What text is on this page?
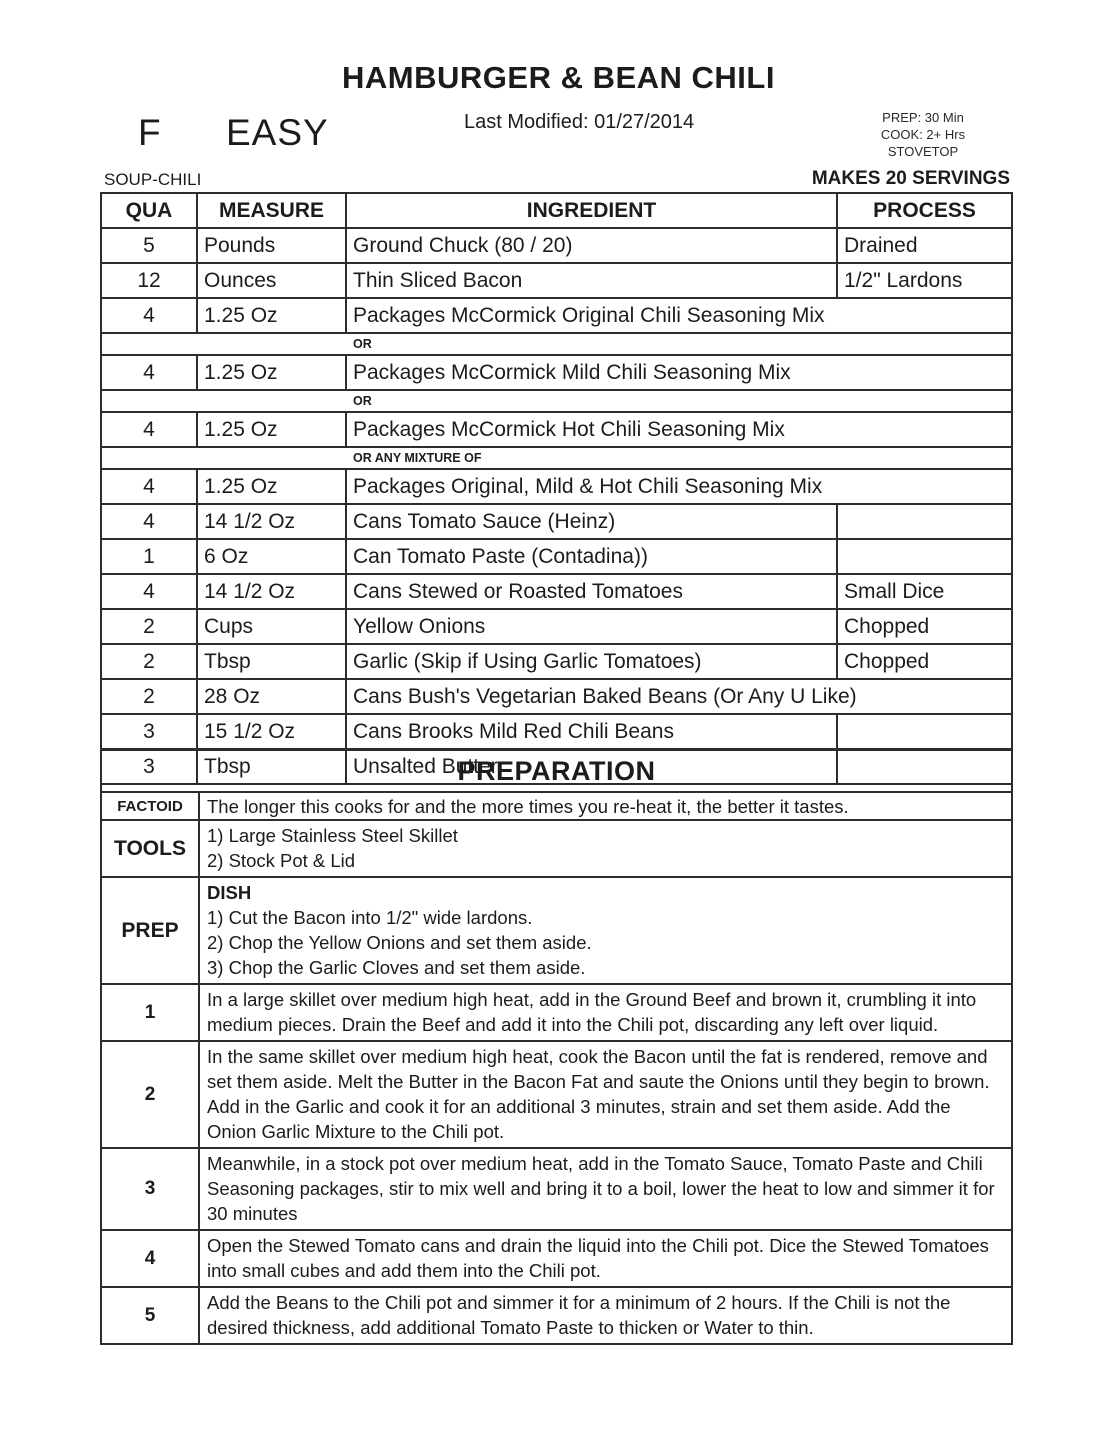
HAMBURGER & BEAN CHILI
Last Modified: 01/27/2014	PREP: 30 Min
COOK: 2+ Hrs
STOVETOP
F EASY
SOUP-CHILI	MAKES 20 SERVINGS
QUA	MEASURE	INGREDIENT	PROCESS
5	Pounds	Ground Chuck (80 / 20)	Drained
12	Ounces	Thin Sliced Bacon	1/2" Lardons
4	1.25 Oz	Packages McCormick Original Chili Seasoning Mix	
OR			
4	1.25 Oz	Packages McCormick Mild Chili Seasoning Mix	
OR			
4	1.25 Oz	Packages McCormick Hot Chili Seasoning Mix	
OR ANY MIXTURE OF			
4	1.25 Oz	Packages Original, Mild & Hot Chili Seasoning Mix	
4	14 1/2 Oz	Cans Tomato Sauce (Heinz)	
1	6 Oz	Can Tomato Paste (Contadina))	
4	14 1/2 Oz	Cans Stewed or Roasted Tomatoes	Small Dice
2	Cups	Yellow Onions	Chopped
2	Tbsp	Garlic (Skip if Using Garlic Tomatoes)	Chopped
2	28 Oz	Cans Bush's Vegetarian Baked Beans (Or Any U Like)	
3	15 1/2 Oz	Cans Brooks Mild Red Chili Beans	
3	Tbsp	Unsalted Butter	
PREPARATION	
FACTOID	The longer this cooks for and the more times you re-heat it, the better it tastes.

TOOLS	1) Large Stainless Steel Skillet
2) Stock Pot & Lid

PREP	DISH
1) Cut the Bacon into 1/2" wide lardons.
2) Chop the Yellow Onions and set them aside.
3) Chop the Garlic Cloves and set them aside.

1	In a large skillet over medium high heat, add in the Ground Beef and brown it, crumbling it into medium pieces. Drain the Beef and add it into the Chili pot, discarding any left over liquid.

2	In the same skillet over medium high heat, cook the Bacon until the fat is rendered, remove and set them aside. Melt the Butter in the Bacon Fat and saute the Onions until they begin to brown. Add in the Garlic and cook it for an additional 3 minutes, strain and set them aside. Add the Onion Garlic Mixture to the Chili pot.

3	Meanwhile, in a stock pot over medium heat, add in the Tomato Sauce, Tomato Paste and Chili Seasoning packages, stir to mix well and bring it to a boil, lower the heat to low and simmer it for 30 minutes

4	Open the Stewed Tomato cans and drain the liquid into the Chili pot. Dice the Stewed Tomatoes into small cubes and add them into the Chili pot.

5	Add the Beans to the Chili pot and simmer it for a minimum of 2 hours. If the Chili is not the desired thickness, add additional Tomato Paste to thicken or Water to thin.
